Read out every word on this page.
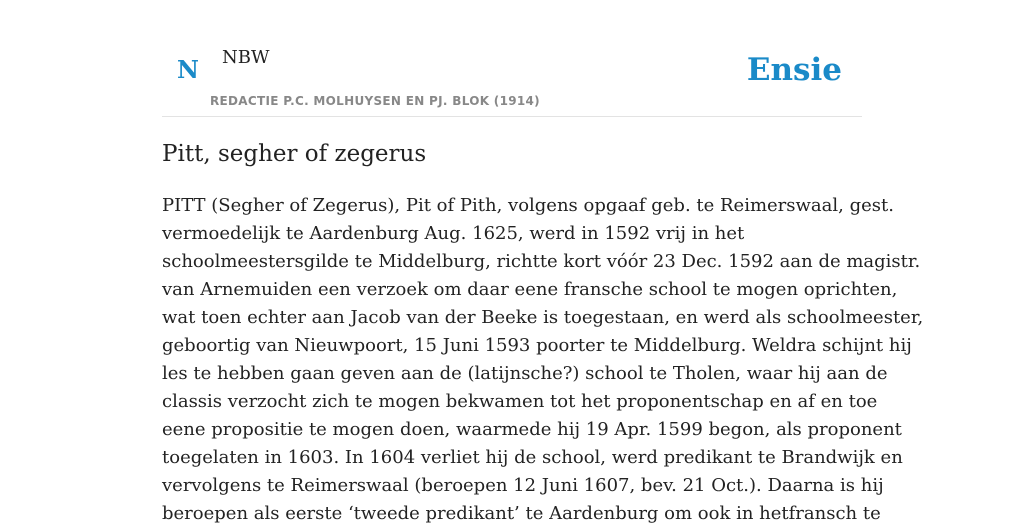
N NBW
REDACTIE P.C. MOLHUYSEN EN PJ. BLOK (1914)
Ensie
Pitt, segher of zegerus
PITT (Segher of Zegerus), Pit of Pith, volgens opgaaf geb. te Reimerswaal, gest.
vermoedelijk te Aardenburg Aug. 1625, werd in 1592 vrij in het
schoolmeestersgilde te Middelburg, richtte kort vóór 23 Dec. 1592 aan de magistr.
van Arnemuiden een verzoek om daar eene fransche school te mogen oprichten,
wat toen echter aan Jacob van der Beeke is toegestaan, en werd als schoolmeester,
geboortig van Nieuwpoort, 15 Juni 1593 poorter te Middelburg. Weldra schijnt hij
les te hebben gaan geven aan de (latijnsche?) school te Tholen, waar hij aan de
classis verzocht zich te mogen bekwamen tot het proponentschap en af en toe
eene propositie te mogen doen, waarmede hij 19 Apr. 1599 begon, als proponent
toegelaten in 1603. In 1604 verliet hij de school, werd predikant te Brandwijk en
vervolgens te Reimerswaal (beroepen 12 Juni 1607, bev. 21 Oct.). Daarna is hij
beroepen als eerste ‘tweede predikant’ te Aardenburg om ook in hetfransch te
